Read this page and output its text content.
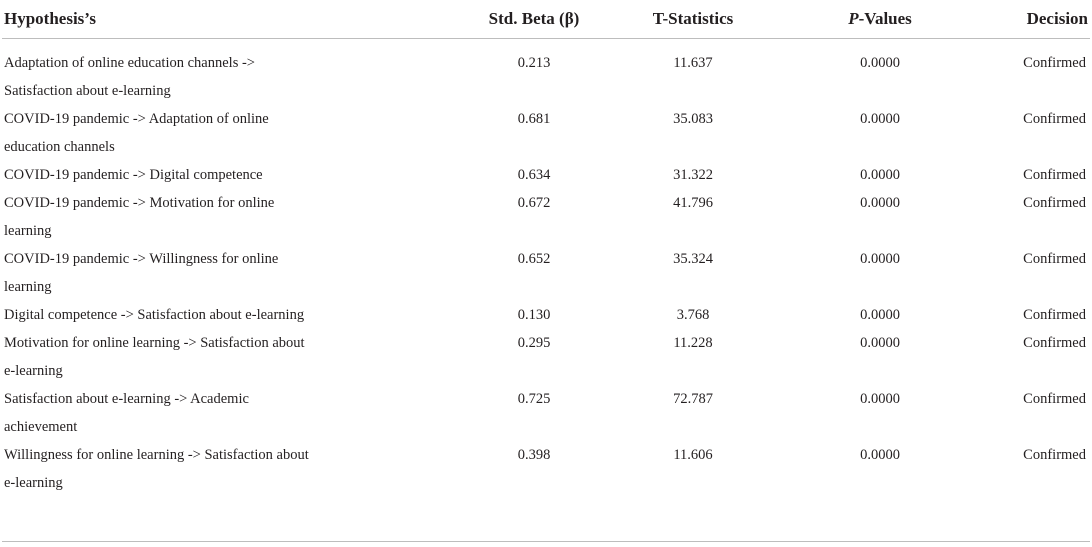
Hypothesis’s	Std. Beta (β)	T-Statistics	P-Values	Decision
Adaptation of online education channels -> Satisfaction about e-learning	0.213	11.637	0.0000	Confirmed
COVID-19 pandemic -> Adaptation of online education channels	0.681	35.083	0.0000	Confirmed
COVID-19 pandemic -> Digital competence	0.634	31.322	0.0000	Confirmed
COVID-19 pandemic -> Motivation for online learning	0.672	41.796	0.0000	Confirmed
COVID-19 pandemic -> Willingness for online learning	0.652	35.324	0.0000	Confirmed
Digital competence -> Satisfaction about e-learning	0.130	3.768	0.0000	Confirmed
Motivation for online learning -> Satisfaction about e-learning	0.295	11.228	0.0000	Confirmed
Satisfaction about e-learning -> Academic achievement	0.725	72.787	0.0000	Confirmed
Willingness for online learning -> Satisfaction about e-learning	0.398	11.606	0.0000	Confirmed
